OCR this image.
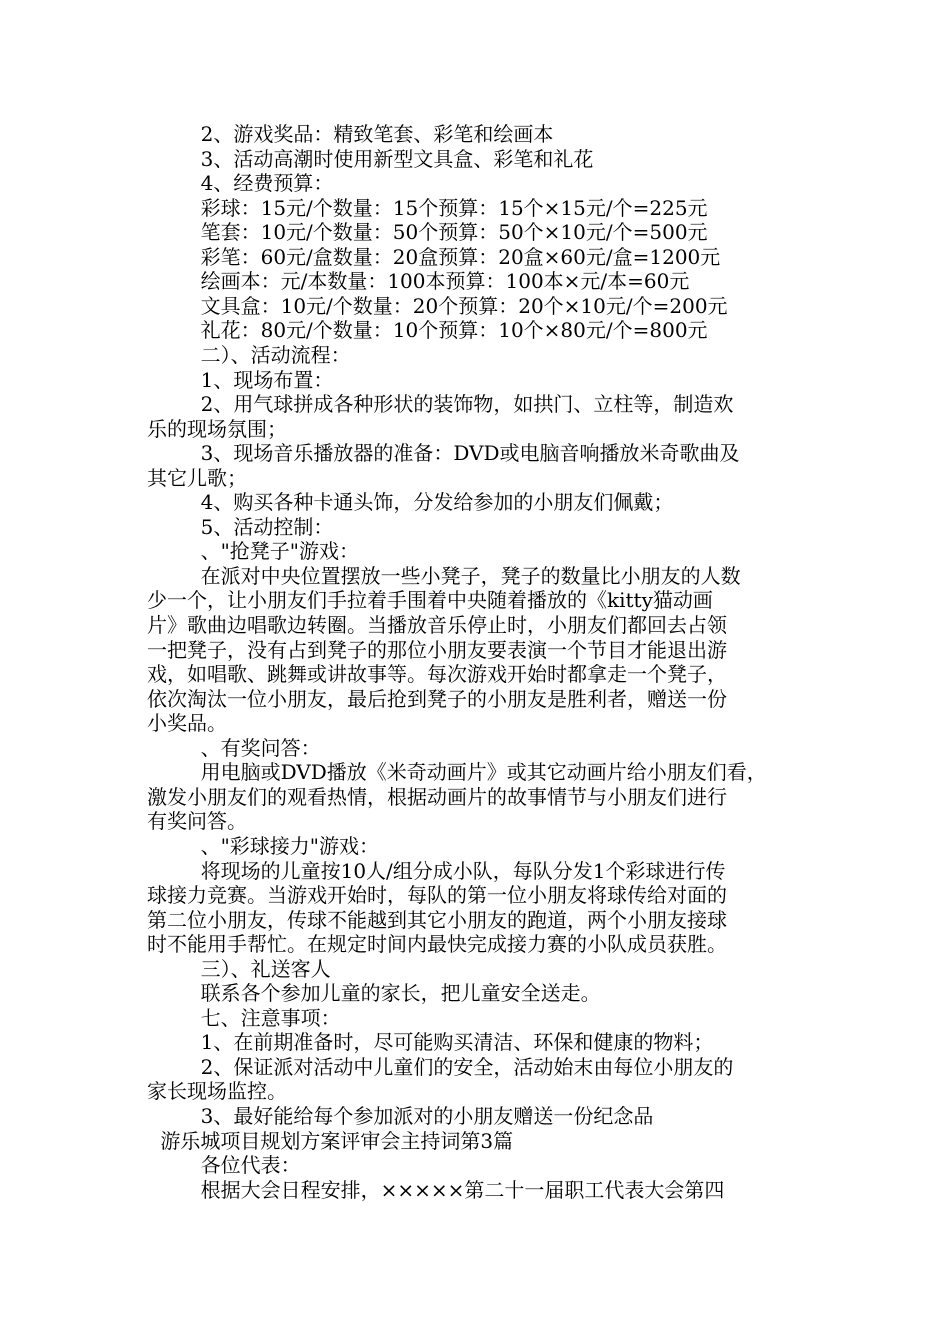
2、游戏奖品：精致笔套、彩笔和绘画本
3、活动高潮时使用新型文具盒、彩笔和礼花
4、经费预算：
彩球：15元/个数量：15个预算：15个×15元/个=225元
笔套：10元/个数量：50个预算：50个×10元/个=500元
彩笔：60元/盒数量：20盒预算：20盒×60元/盒=1200元
绘画本：元/本数量：100本预算：100本×元/本=60元
文具盒：10元/个数量：20个预算：20个×10元/个=200元
礼花：80元/个数量：10个预算：10个×80元/个=800元
二）、活动流程：
1、现场布置：
2、用气球拼成各种形状的装饰物，如拱门、立柱等，制造欢
乐的现场氛围；
3、现场音乐播放器的准备：DVD或电脑音响播放米奇歌曲及
其它儿歌；
4、购买各种卡通头饰，分发给参加的小朋友们佩戴；
5、活动控制：
、"抢凳子"游戏：
在派对中央位置摆放一些小凳子，凳子的数量比小朋友的人数
少一个，让小朋友们手拉着手围着中央随着播放的《kitty猫动画
片》歌曲边唱歌边转圈。当播放音乐停止时，小朋友们都回去占领
一把凳子，没有占到凳子的那位小朋友要表演一个节目才能退出游
戏，如唱歌、跳舞或讲故事等。每次游戏开始时都拿走一个凳子，
依次淘汰一位小朋友，最后抢到凳子的小朋友是胜利者，赠送一份
小奖品。
、有奖问答：
用电脑或DVD播放《米奇动画片》或其它动画片给小朋友们看，
激发小朋友们的观看热情，根据动画片的故事情节与小朋友们进行
有奖问答。
、"彩球接力"游戏：
将现场的儿童按10人/组分成小队，每队分发1个彩球进行传
球接力竞赛。当游戏开始时，每队的第一位小朋友将球传给对面的
第二位小朋友，传球不能越到其它小朋友的跑道，两个小朋友接球
时不能用手帮忙。在规定时间内最快完成接力赛的小队成员获胜。
三）、礼送客人
联系各个参加儿童的家长，把儿童安全送走。
七、注意事项：
1、在前期准备时，尽可能购买清洁、环保和健康的物料；
2、保证派对活动中儿童们的安全，活动始末由每位小朋友的
家长现场监控。
3、最好能给每个参加派对的小朋友赠送一份纪念品
游乐城项目规划方案评审会主持词第3篇
各位代表：
根据大会日程安排，×××××第二十一届职工代表大会第四
